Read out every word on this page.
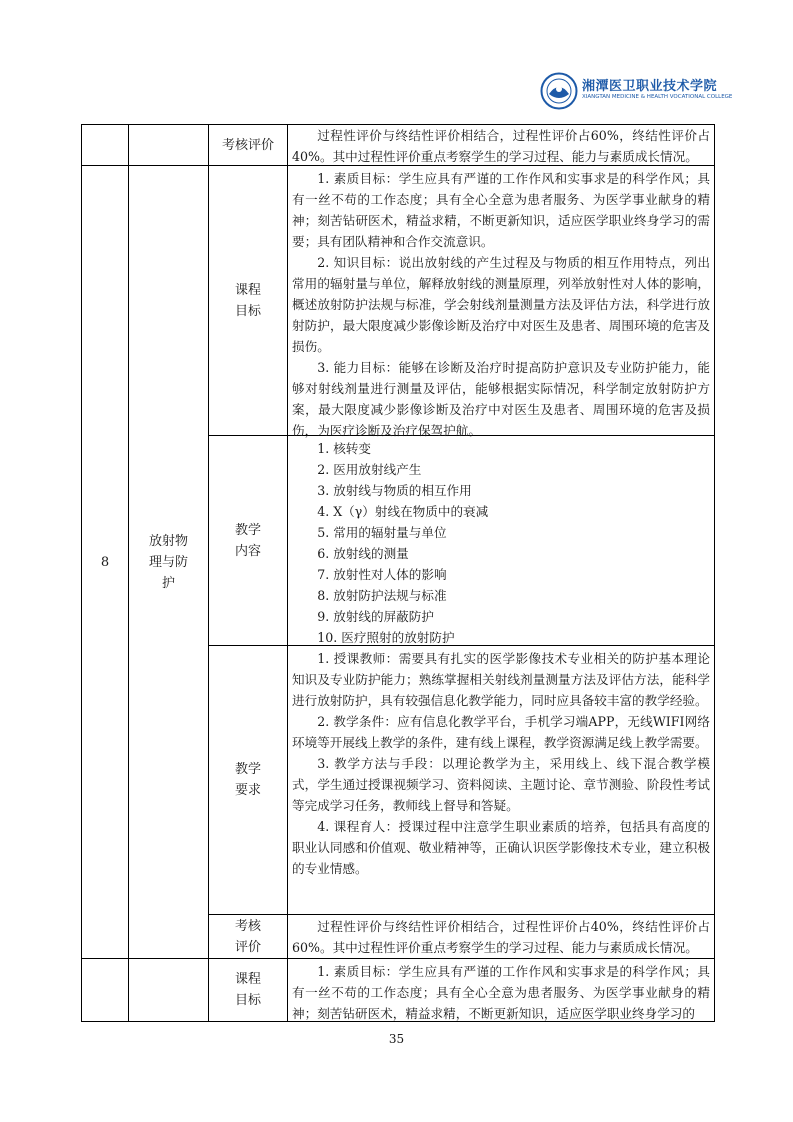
湘潭医卫职业技术学院
XIANGTAN MEDICINE & HEALTH VOCATIONAL COLLEGE
考核评价

过程性评价与终结性评价相结合，过程性评价占60%，终结性评价占40%。其中过程性评价重点考察学生的学习过程、能力与素质成长情况。

8
放射物理与防护
课程目标

1. 素质目标：学生应具有严谨的工作作风和实事求是的科学作风；具有一丝不苟的工作态度；具有全心全意为患者服务、为医学事业献身的精神；刻苦钻研医术，精益求精，不断更新知识，适应医学职业终身学习的需要；具有团队精神和合作交流意识。

2. 知识目标：说出放射线的产生过程及与物质的相互作用特点，列出常用的辐射量与单位，解释放射线的测量原理，列举放射性对人体的影响，概述放射防护法规与标准，学会射线剂量测量方法及评估方法，科学进行放射防护，最大限度减少影像诊断及治疗中对医生及患者、周围环境的危害及损伤。

3. 能力目标：能够在诊断及治疗时提高防护意识及专业防护能力，能够对射线剂量进行测量及评估，能够根据实际情况，科学制定放射防护方案，最大限度减少影像诊断及治疗中对医生及患者、周围环境的危害及损伤，为医疗诊断及治疗保驾护航。

教学内容
1. 核转变
2. 医用放射线产生
3. 放射线与物质的相互作用
4. X（γ）射线在物质中的衰减
5. 常用的辐射量与单位
6. 放射线的测量
7. 放射性对人体的影响
8. 放射防护法规与标准
9. 放射线的屏蔽防护
10. 医疗照射的放射防护
教学要求

1. 授课教师：需要具有扎实的医学影像技术专业相关的防护基本理论知识及专业防护能力；熟练掌握相关射线剂量测量方法及评估方法，能科学进行放射防护，具有较强信息化教学能力，同时应具备较丰富的教学经验。

2. 教学条件：应有信息化教学平台，手机学习端APP，无线WIFI网络环境等开展线上教学的条件，建有线上课程，教学资源满足线上教学需要。

3. 教学方法与手段：以理论教学为主，采用线上、线下混合教学模式，学生通过授课视频学习、资料阅读、主题讨论、章节测验、阶段性考试等完成学习任务，教师线上督导和答疑。

4. 课程育人：授课过程中注意学生职业素质的培养，包括具有高度的职业认同感和价值观、敬业精神等，正确认识医学影像技术专业，建立积极的专业情感。

考核评价

过程性评价与终结性评价相结合，过程性评价占40%，终结性评价占60%。其中过程性评价重点考察学生的学习过程、能力与素质成长情况。

课程目标

1. 素质目标：学生应具有严谨的工作作风和实事求是的科学作风；具有一丝不苟的工作态度；具有全心全意为患者服务、为医学事业献身的精神；刻苦钻研医术，精益求精，不断更新知识，适应医学职业终身学习的

35
